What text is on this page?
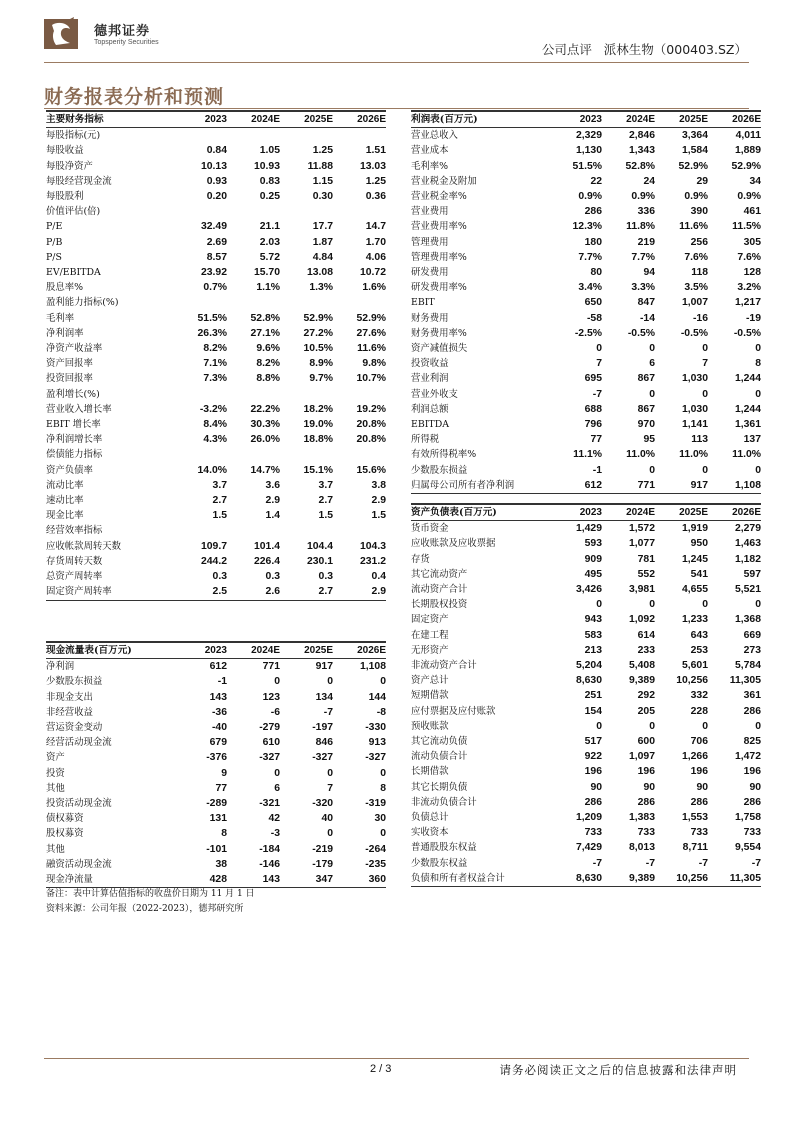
德邦证券
Topsperity Securities	公司点评 派林生物（000403.SZ）
财务报表分析和预测
主要财务指标	2023	2024E	2025E	2026E
每股指标(元)				
每股收益	0.84	1.05	1.25	1.51
每股净资产	10.13	10.93	11.88	13.03
每股经营现金流	0.93	0.83	1.15	1.25
每股股利	0.20	0.25	0.30	0.36
价值评估(倍)				
P/E	32.49	21.1	17.7	14.7
P/B	2.69	2.03	1.87	1.70
P/S	8.57	5.72	4.84	4.06
EV/EBITDA	23.92	15.70	13.08	10.72
股息率%	0.7%	1.1%	1.3%	1.6%
盈利能力指标(%)				
毛利率	51.5%	52.8%	52.9%	52.9%
净利润率	26.3%	27.1%	27.2%	27.6%
净资产收益率	8.2%	9.6%	10.5%	11.6%
资产回报率	7.1%	8.2%	8.9%	9.8%
投资回报率	7.3%	8.8%	9.7%	10.7%
盈利增长(%)				
营业收入增长率	-3.2%	22.2%	18.2%	19.2%
EBIT 增长率	8.4%	30.3%	19.0%	20.8%
净利润增长率	4.3%	26.0%	18.8%	20.8%
偿债能力指标				
资产负债率	14.0%	14.7%	15.1%	15.6%
流动比率	3.7	3.6	3.7	3.8
速动比率	2.7	2.9	2.7	2.9
现金比率	1.5	1.4	1.5	1.5
经营效率指标				
应收帐款周转天数	109.7	101.4	104.4	104.3
存货周转天数	244.2	226.4	230.1	231.2
总资产周转率	0.3	0.3	0.3	0.4
固定资产周转率	2.5	2.6	2.7	2.9
利润表(百万元)	2023	2024E	2025E	2026E
营业总收入	2,329	2,846	3,364	4,011
营业成本	1,130	1,343	1,584	1,889
毛利率%	51.5%	52.8%	52.9%	52.9%
营业税金及附加	22	24	29	34
营业税金率%	0.9%	0.9%	0.9%	0.9%
营业费用	286	336	390	461
营业费用率%	12.3%	11.8%	11.6%	11.5%
管理费用	180	219	256	305
管理费用率%	7.7%	7.7%	7.6%	7.6%
研发费用	80	94	118	128
研发费用率%	3.4%	3.3%	3.5%	3.2%
EBIT	650	847	1,007	1,217
财务费用	-58	-14	-16	-19
财务费用率%	-2.5%	-0.5%	-0.5%	-0.5%
资产减值损失	0	0	0	0
投资收益	7	6	7	8
营业利润	695	867	1,030	1,244
营业外收支	-7	0	0	0
利润总额	688	867	1,030	1,244
EBITDA	796	970	1,141	1,361
所得税	77	95	113	137
有效所得税率%	11.1%	11.0%	11.0%	11.0%
少数股东损益	-1	0	0	0
归属母公司所有者净利润	612	771	917	1,108
资产负债表(百万元)	2023	2024E	2025E	2026E
货币资金	1,429	1,572	1,919	2,279
应收账款及应收票据	593	1,077	950	1,463
存货	909	781	1,245	1,182
其它流动资产	495	552	541	597
流动资产合计	3,426	3,981	4,655	5,521
长期股权投资	0	0	0	0
固定资产	943	1,092	1,233	1,368
在建工程	583	614	643	669
无形资产	213	233	253	273
非流动资产合计	5,204	5,408	5,601	5,784
资产总计	8,630	9,389	10,256	11,305
短期借款	251	292	332	361
应付票据及应付账款	154	205	228	286
预收账款	0	0	0	0
其它流动负债	517	600	706	825
流动负债合计	922	1,097	1,266	1,472
长期借款	196	196	196	196
其它长期负债	90	90	90	90
非流动负债合计	286	286	286	286
负债总计	1,209	1,383	1,553	1,758
实收资本	733	733	733	733
普通股股东权益	7,429	8,013	8,711	9,554
少数股东权益	-7	-7	-7	-7
负债和所有者权益合计	8,630	9,389	10,256	11,305
现金流量表(百万元)	2023	2024E	2025E	2026E
净利润	612	771	917	1,108
少数股东损益	-1	0	0	0
非现金支出	143	123	134	144
非经营收益	-36	-6	-7	-8
营运资金变动	-40	-279	-197	-330
经营活动现金流	679	610	846	913
资产	-376	-327	-327	-327
投资	9	0	0	0
其他	77	6	7	8
投资活动现金流	-289	-321	-320	-319
债权募资	131	42	40	30
股权募资	8	-3	0	0
其他	-101	-184	-219	-264
融资活动现金流	38	-146	-179	-235
现金净流量	428	143	347	360
备注：表中计算估值指标的收盘价日期为 11 月 1 日
资料来源：公司年报（2022-2023），德邦研究所
2 / 3	请务必阅读正文之后的信息披露和法律声明
